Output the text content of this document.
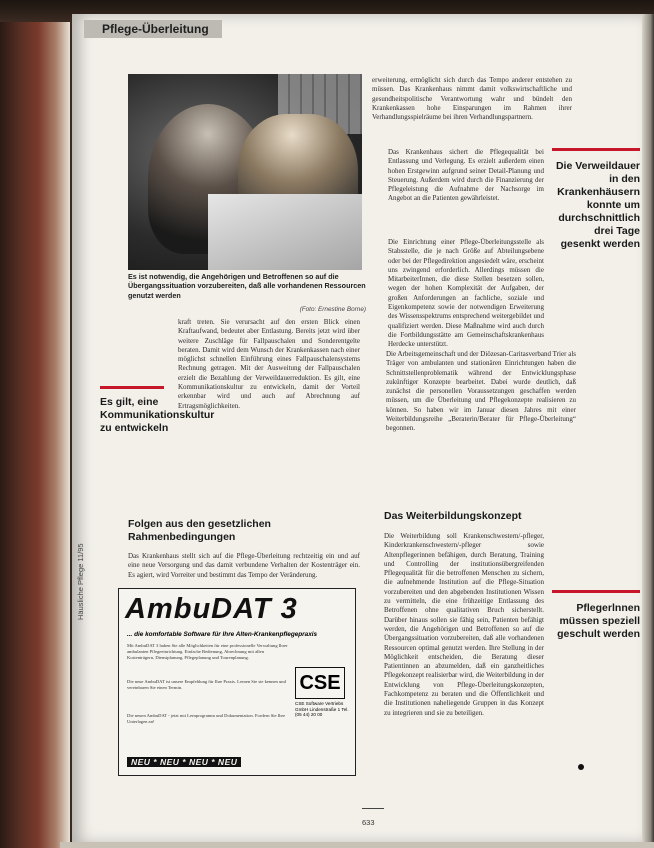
Pflege-Überleitung
Es ist notwendig, die Angehörigen und Betroffenen so auf die Übergangssituation vorzubereiten, daß alle vorhandenen Ressourcen genutzt werden
(Foto: Ernestine Borne)
kraft treten. Sie verursacht auf den ersten Blick einen Kraftaufwand, bedeutet aber Entlastung. Bereits jetzt wird über weitere Zuschläge für Fallpauschalen und Sonderentgelte beraten. Damit wird dem Wunsch der Krankenkassen nach einer möglichst schnellen Einführung eines Fallpauschalensystems Rechnung getragen. Mit der Ausweitung der Fallpauschalen erzielt die Bezahlung der Verweildauerreduktion. Es gilt, eine Kommunikationskultur zu entwickeln, damit der Vorteil erkennbar wird und auch auf Abrechnung auf Ertragsmöglichkeiten.
Es gilt, eine Kommunikationskultur zu entwickeln
Folgen aus den gesetzlichen Rahmenbedingungen
Das Krankenhaus stellt sich auf die Pflege-Überleitung rechtzeitig ein und auf eine neue Versorgung und das damit verbundene Verhalten der Kostenträger ein. Es agiert, wird Vorreiter und bestimmt das Tempo der Veränderung.
AmbuDAT 3
... die komfortable Software für Ihre Alten-Krankenpflegepraxis
Mit AmbuDAT 3 haben Sie alle Möglichkeiten für eine professionelle Verwaltung Ihrer ambulanten Pflegeeinrichtung. Einfache Bedienung, Abrechnung mit allen Kostenträgern, Dienstplanung, Pflegeplanung und Tourenplanung.
Die neue AmbuDAT ist unsere Empfehlung für Ihre Praxis. Lernen Sie sie kennen und vereinbaren Sie einen Termin.
Die neuen AmbuDAT - jetzt mit Lernprogramm und Dokumentation. Fordern Sie Ihre Unterlagen an!
CSE
CSE Software Vertriebs GmbH Lindenstraße 1 Tel. (05 44) 20 00
NEU * NEU * NEU * NEU
Häusliche Pflege 11/95
erweiterung, ermöglicht sich durch das Tempo anderer entstehen zu müssen. Das Krankenhaus nimmt damit volkswirtschaftliche und gesundheitspolitische Verantwortung wahr und bündelt den Krankenkassen hohe Einsparungen im Rahmen ihrer Verhandlungsspielräume bei ihren Verhandlungspartnern.
Die Verweildauer in den Krankenhäusern konnte um durchschnittlich drei Tage gesenkt werden
Das Krankenhaus sichert die Pflegequalität bei Entlassung und Verlegung. Es erzielt außerdem einen hohen Erstgewinn aufgrund seiner Detail-Planung und Steuerung. Außerdem wird durch die Finanzierung der Pflegeleistung die Aufnahme der Nachsorge im Angebot an die Patienten gewährleistet.
Die Einrichtung einer Pflege-Überleitungsstelle als Stabsstelle, die je nach Größe auf Abteilungsebene oder bei der Pflegedirektion angesiedelt wäre, erscheint uns zwingend erforderlich. Allerdings müssen die MitarbeiterInnen, die diese Stellen besetzen sollen, wegen der hohen Komplexität der Aufgaben, der großen Anforderungen an fachliche, soziale und Eigenkompetenz sowie der notwendigen Erweiterung des Wissensspektrums entsprechend weitergebildet und qualifiziert werden. Diese Maßnahme wird auch durch die Fortbildungsstätte am Gemeinschaftskrankenhaus Herdecke unterstützt.
Die Arbeitsgemeinschaft und der Diözesan-Caritasverband Trier als Träger von ambulanten und stationären Einrichtungen haben die Schnittstellenproblematik während der Entwicklungsphase zukünftiger Konzepte bearbeitet. Dabei wurde deutlich, daß zunächst die personellen Voraussetzungen geschaffen werden müssen, um die Überleitung und Pflegekonzepte realisieren zu können. So haben wir im Januar diesen Jahres mit einer Weiterbildungsreihe „Beraterin/Berater für Pflege-Überleitung“ begonnen.
Das Weiterbildungskonzept
Die Weiterbildung soll Krankenschwestern/-pfleger, Kinderkrankenschwestern/-pfleger sowie Altenpflegerinnen befähigen, durch Beratung, Training und Controlling der institutionsübergreifenden Pflegequalität für die betroffenen Menschen zu sichern, die aufnehmende Institution auf die Pflege-Situation vorzubereiten und den abgebenden Institutionen Wissen zu vermitteln, die eine frühzeitige Entlassung des Betroffenen ohne qualitativen Bruch sicherstellt. Darüber hinaus sollen sie fähig sein, Patienten befähigt werden, die Angehörigen und Betroffenen so auf die Übergangssituation vorzubereiten, daß alle vorhandenen Ressourcen optimal genutzt werden. Ihre Stellung in der Möglichkeit entscheiden, die Beratung dieser Patientinnen an abzumelden, daß ein ganzheitliches Pflegekonzept realisierbar wird, die Weiterbildung in der Entwicklung von Pflege-Überleitungskonzepten, Fachkompetenz zu beraten und die Öffentlichkeit und die Institutionen naheliegende Gruppen in das Konzept zu integrieren und sie zu beteiligen.
Pflegerlnnen müssen speziell geschult werden
633
